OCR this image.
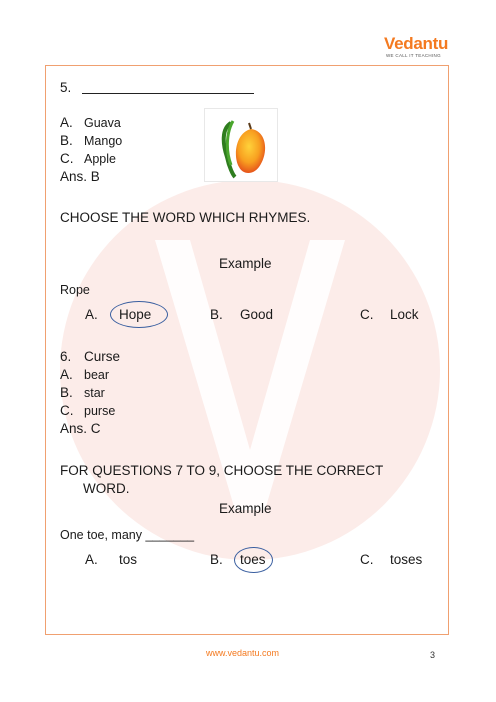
Vedantu
WE CALL IT TEACHING
5.
A. Guava
B. Mango
C. Apple
Ans. B
CHOOSE THE WORD WHICH RHYMES.
Example
Rope
A. Hope	B. Good	C. Lock
6. Curse
A. bear
B. star
C. purse
Ans. C
FOR QUESTIONS 7 TO 9, CHOOSE THE CORRECT
WORD.
Example
One toe, many _______
A. tos	B. toes	C. toses
www.vedantu.com	3
